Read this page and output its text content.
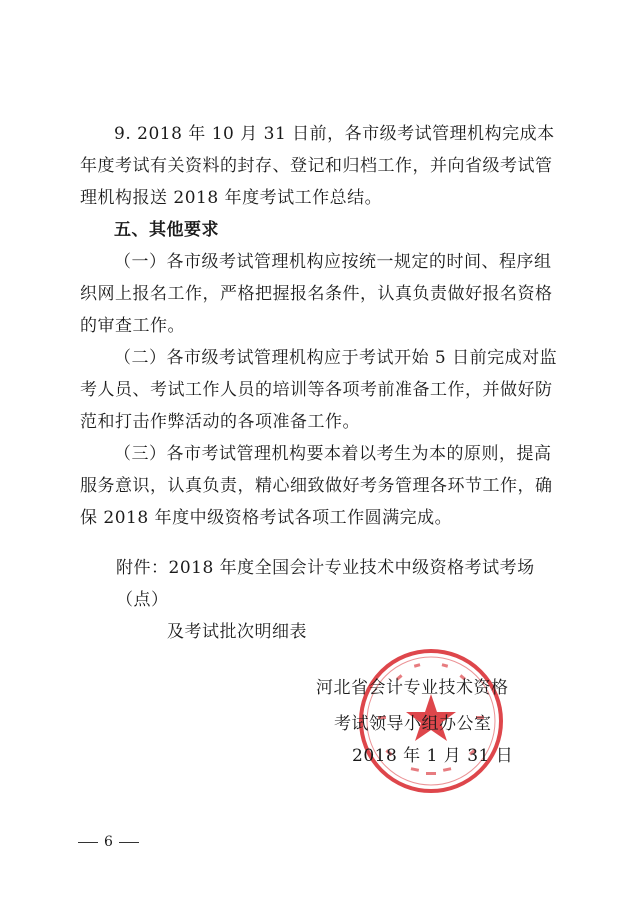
9. 2018 年 10 月 31 日前，各市级考试管理机构完成本年度考试有关资料的封存、登记和归档工作，并向省级考试管理机构报送 2018 年度考试工作总结。

五、其他要求

（一）各市级考试管理机构应按统一规定的时间、程序组织网上报名工作，严格把握报名条件，认真负责做好报名资格的审查工作。

（二）各市级考试管理机构应于考试开始 5 日前完成对监考人员、考试工作人员的培训等各项考前准备工作，并做好防范和打击作弊活动的各项准备工作。

（三）各市考试管理机构要本着以考生为本的原则，提高服务意识，认真负责，精心细致做好考务管理各环节工作，确保 2018 年度中级资格考试各项工作圆满完成。

附件：2018 年度全国会计专业技术中级资格考试考场（点）
及考试批次明细表

河北省会计专业技术资格
考试领导小组办公室
2018 年 1 月 31 日
6
